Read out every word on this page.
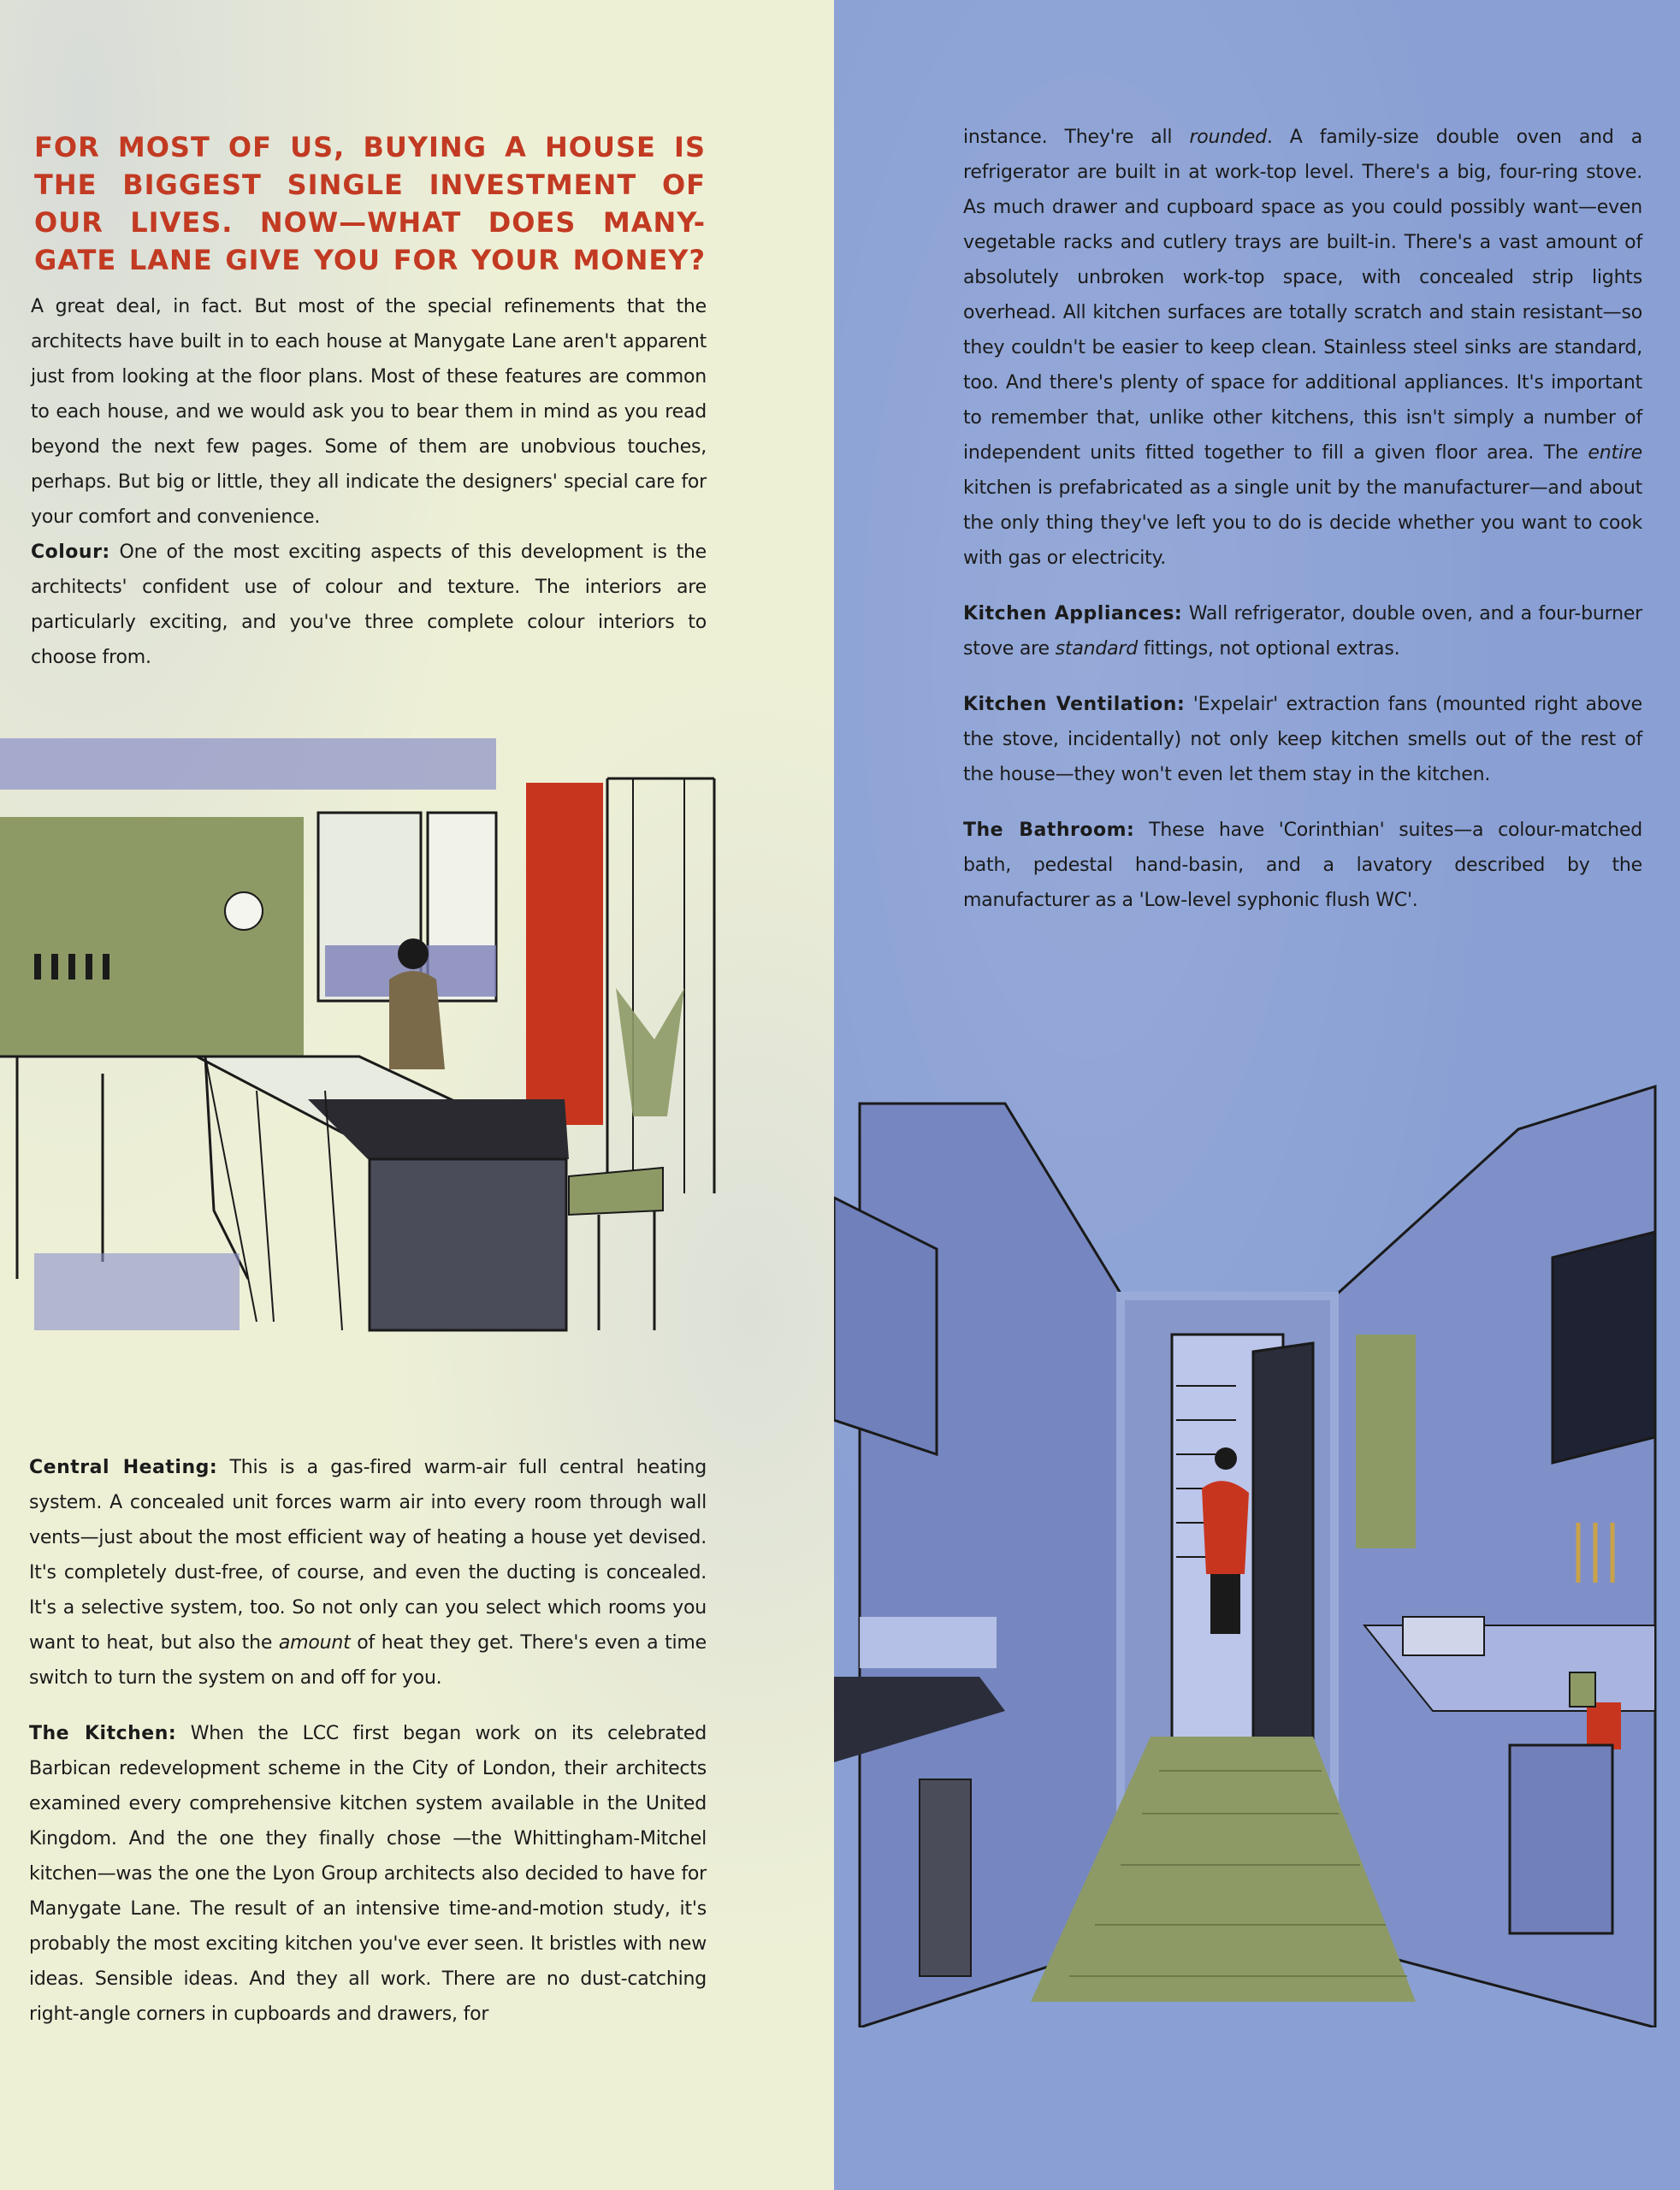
FOR MOST OF US, BUYING A HOUSE IS THE BIGGEST SINGLE INVESTMENT OF OUR LIVES. NOW—WHAT DOES MANY-GATE LANE GIVE YOU FOR YOUR MONEY?

A great deal, in fact. But most of the special refinements that the architects have built in to each house at Manygate Lane aren't apparent just from looking at the floor plans. Most of these features are common to each house, and we would ask you to bear them in mind as you read beyond the next few pages. Some of them are unobvious touches, perhaps. But big or little, they all indicate the designers' special care for your comfort and convenience.

Colour: One of the most exciting aspects of this development is the architects' confident use of colour and texture. The interiors are particularly exciting, and you've three complete colour interiors to choose from.

Central Heating: This is a gas-fired warm-air full central heating system. A concealed unit forces warm air into every room through wall vents—just about the most efficient way of heating a house yet devised. It's completely dust-free, of course, and even the ducting is concealed. It's a selective system, too. So not only can you select which rooms you want to heat, but also the amount of heat they get. There's even a time switch to turn the system on and off for you.

The Kitchen: When the LCC first began work on its celebrated Barbican redevelopment scheme in the City of London, their architects examined every comprehensive kitchen system available in the United Kingdom. And the one they finally chose —the Whittingham-Mitchel kitchen—was the one the Lyon Group architects also decided to have for Manygate Lane. The result of an intensive time-and-motion study, it's probably the most exciting kitchen you've ever seen. It bristles with new ideas. Sensible ideas. And they all work. There are no dust-catching right-angle corners in cupboards and drawers, for

instance. They're all rounded. A family-size double oven and a refrigerator are built in at work-top level. There's a big, four-ring stove. As much drawer and cupboard space as you could possibly want—even vegetable racks and cutlery trays are built-in. There's a vast amount of absolutely unbroken work-top space, with concealed strip lights overhead. All kitchen surfaces are totally scratch and stain resistant—so they couldn't be easier to keep clean. Stainless steel sinks are standard, too. And there's plenty of space for additional appliances. It's important to remember that, unlike other kitchens, this isn't simply a number of independent units fitted together to fill a given floor area. The entire kitchen is prefabricated as a single unit by the manufacturer—and about the only thing they've left you to do is decide whether you want to cook with gas or electricity.

Kitchen Appliances: Wall refrigerator, double oven, and a four-burner stove are standard fittings, not optional extras.

Kitchen Ventilation: 'Expelair' extraction fans (mounted right above the stove, incidentally) not only keep kitchen smells out of the rest of the house—they won't even let them stay in the kitchen.

The Bathroom: These have 'Corinthian' suites—a colour-matched bath, pedestal hand-basin, and a lavatory described by the manufacturer as a 'Low-level syphonic flush WC'.
